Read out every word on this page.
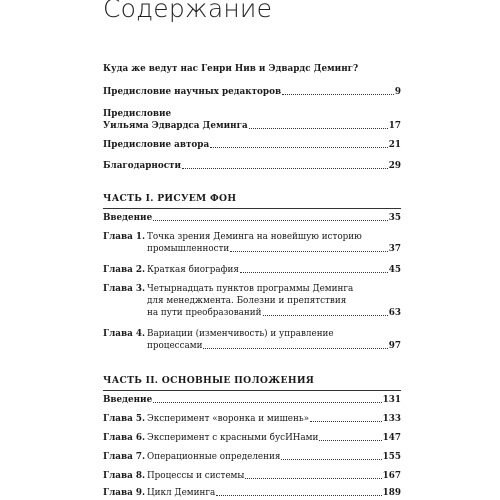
Содержание
Куда же ведут нас Генри Нив и Эдвардс Деминг?
Предисловие научных редакторов	9
Предисловие
Уильяма Эдвардса Деминга	17
Предисловие автора	21
Благодарности	29
ЧАСТЬ I. РИСУЕМ ФОН
Введение	35
Глава 1. Точка зрения Деминга на новейшую историю
промышленности	37
Глава 2. Краткая биография	45
Глава 3. Четырнадцать пунктов программы Деминга
для менеджмента. Болезни и препятствия
на пути преобразований	63
Глава 4. Вариации (изменчивость) и управление
процессами	97
ЧАСТЬ II. ОСНОВНЫЕ ПОЛОЖЕНИЯ
Введение	131
Глава 5. Эксперимент «воронка и мишень»	133
Глава 6. Эксперимент с красными бусИНами	147
Глава 7. Операционные определения	155
Глава 8. Процессы и системы	167
Глава 9. Цикл Деминга	189
